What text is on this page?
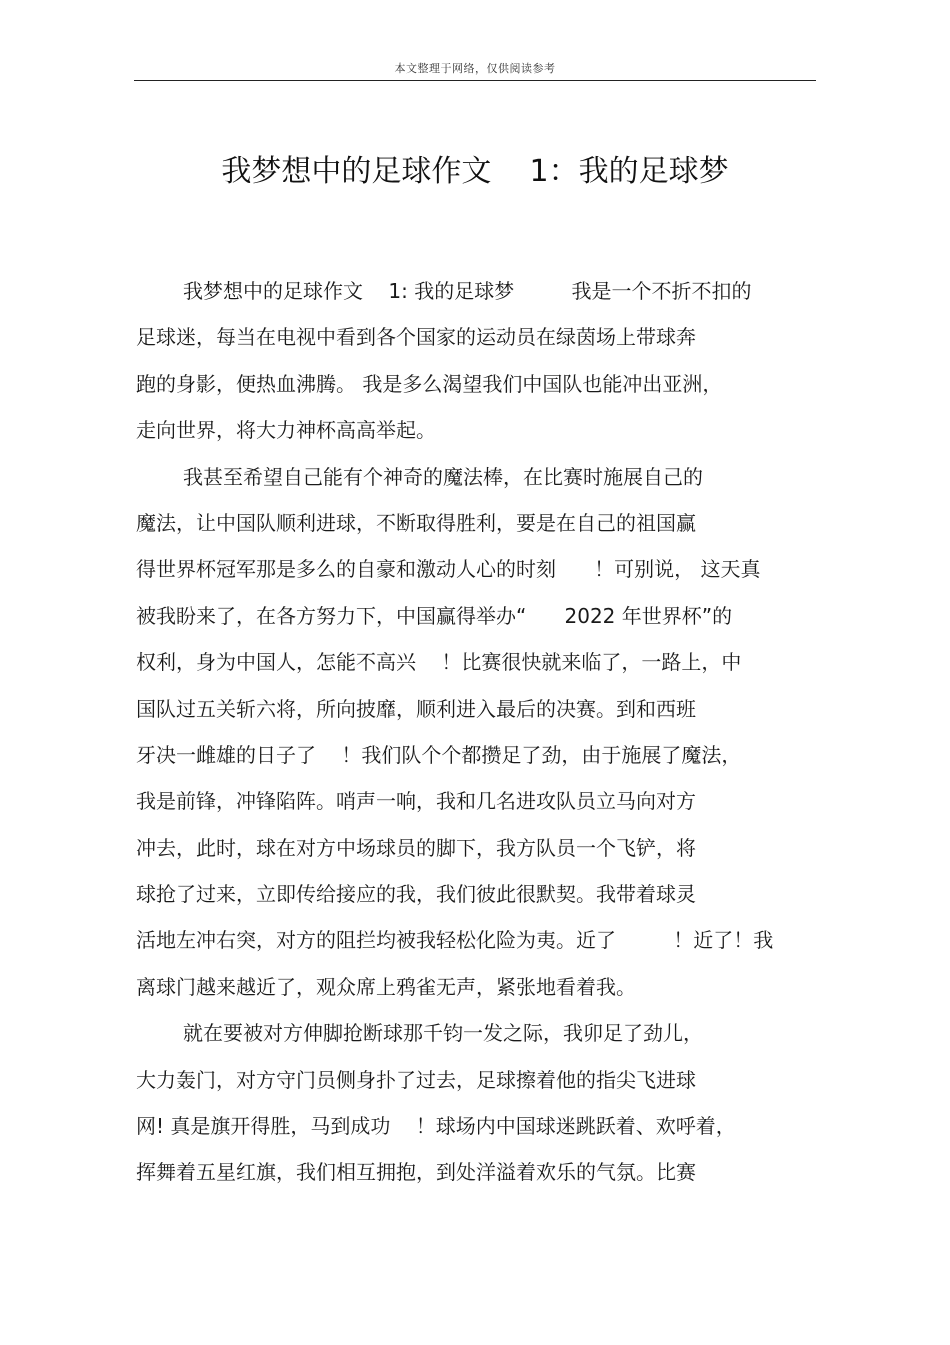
本文整理于网络，仅供阅读参考
我梦想中的足球作文    1：我的足球梦
我梦想中的足球作文    1: 我的足球梦         我是一个不折不扣的
足球迷，每当在电视中看到各个国家的运动员在绿茵场上带球奔
跑的身影，便热血沸腾。 我是多么渴望我们中国队也能冲出亚洲，
走向世界，将大力神杯高高举起。
我甚至希望自己能有个神奇的魔法棒，在比赛时施展自己的
魔法，让中国队顺利进球，不断取得胜利，要是在自己的祖国赢
得世界杯冠军那是多么的自豪和激动人心的时刻      ！可别说， 这天真
被我盼来了，在各方努力下，中国赢得举办“      2022 年世界杯”的
权利，身为中国人，怎能不高兴    ！比赛很快就来临了，一路上，中
国队过五关斩六将，所向披靡，顺利进入最后的决赛。到和西班
牙决一雌雄的日子了    ！我们队个个都攒足了劲，由于施展了魔法，
我是前锋，冲锋陷阵。哨声一响，我和几名进攻队员立马向对方
冲去，此时，球在对方中场球员的脚下，我方队员一个飞铲，将
球抢了过来，立即传给接应的我，我们彼此很默契。我带着球灵
活地左冲右突，对方的阻拦均被我轻松化险为夷。近了         ！近了！我
离球门越来越近了，观众席上鸦雀无声，紧张地看着我。
就在要被对方伸脚抢断球那千钧一发之际，我卯足了劲儿，
大力轰门，对方守门员侧身扑了过去，足球擦着他的指尖飞进球
网! 真是旗开得胜，马到成功    ！球场内中国球迷跳跃着、欢呼着，
挥舞着五星红旗，我们相互拥抱，到处洋溢着欢乐的气氛。比赛
